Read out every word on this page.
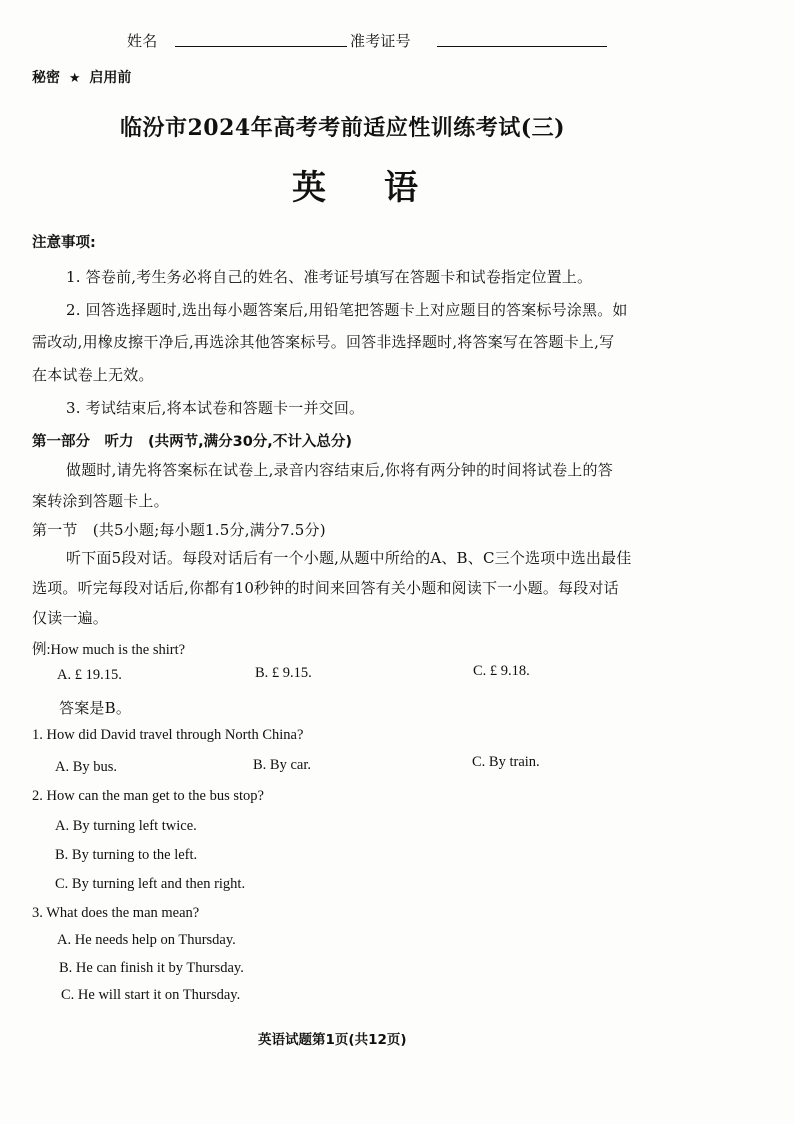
姓名	准考证号
秘密 ★ 启用前
临汾市2024年高考考前适应性训练考试(三)
英语
注意事项:
1. 答卷前,考生务必将自己的姓名、准考证号填写在答题卡和试卷指定位置上。
2. 回答选择题时,选出每小题答案后,用铅笔把答题卡上对应题目的答案标号涂黑。如
需改动,用橡皮擦干净后,再选涂其他答案标号。回答非选择题时,将答案写在答题卡上,写
在本试卷上无效。
3. 考试结束后,将本试卷和答题卡一并交回。
第一部分　听力　(共两节,满分30分,不计入总分)
做题时,请先将答案标在试卷上,录音内容结束后,你将有两分钟的时间将试卷上的答
案转涂到答题卡上。
第一节　(共5小题;每小题1.5分,满分7.5分)
听下面5段对话。每段对话后有一个小题,从题中所给的A、B、C三个选项中选出最佳
选项。听完每段对话后,你都有10秒钟的时间来回答有关小题和阅读下一小题。每段对话
仅读一遍。
例:How much is the shirt?
A. £ 19.15.	B. £ 9.15.	C. £ 9.18.
答案是B。
1. How did David travel through North China?
A. By bus.	B. By car.	C. By train.
2. How can the man get to the bus stop?
A. By turning left twice.
B. By turning to the left.
C. By turning left and then right.
3. What does the man mean?
A. He needs help on Thursday.
B. He can finish it by Thursday.
C. He will start it on Thursday.
英语试题第1页(共12页)
